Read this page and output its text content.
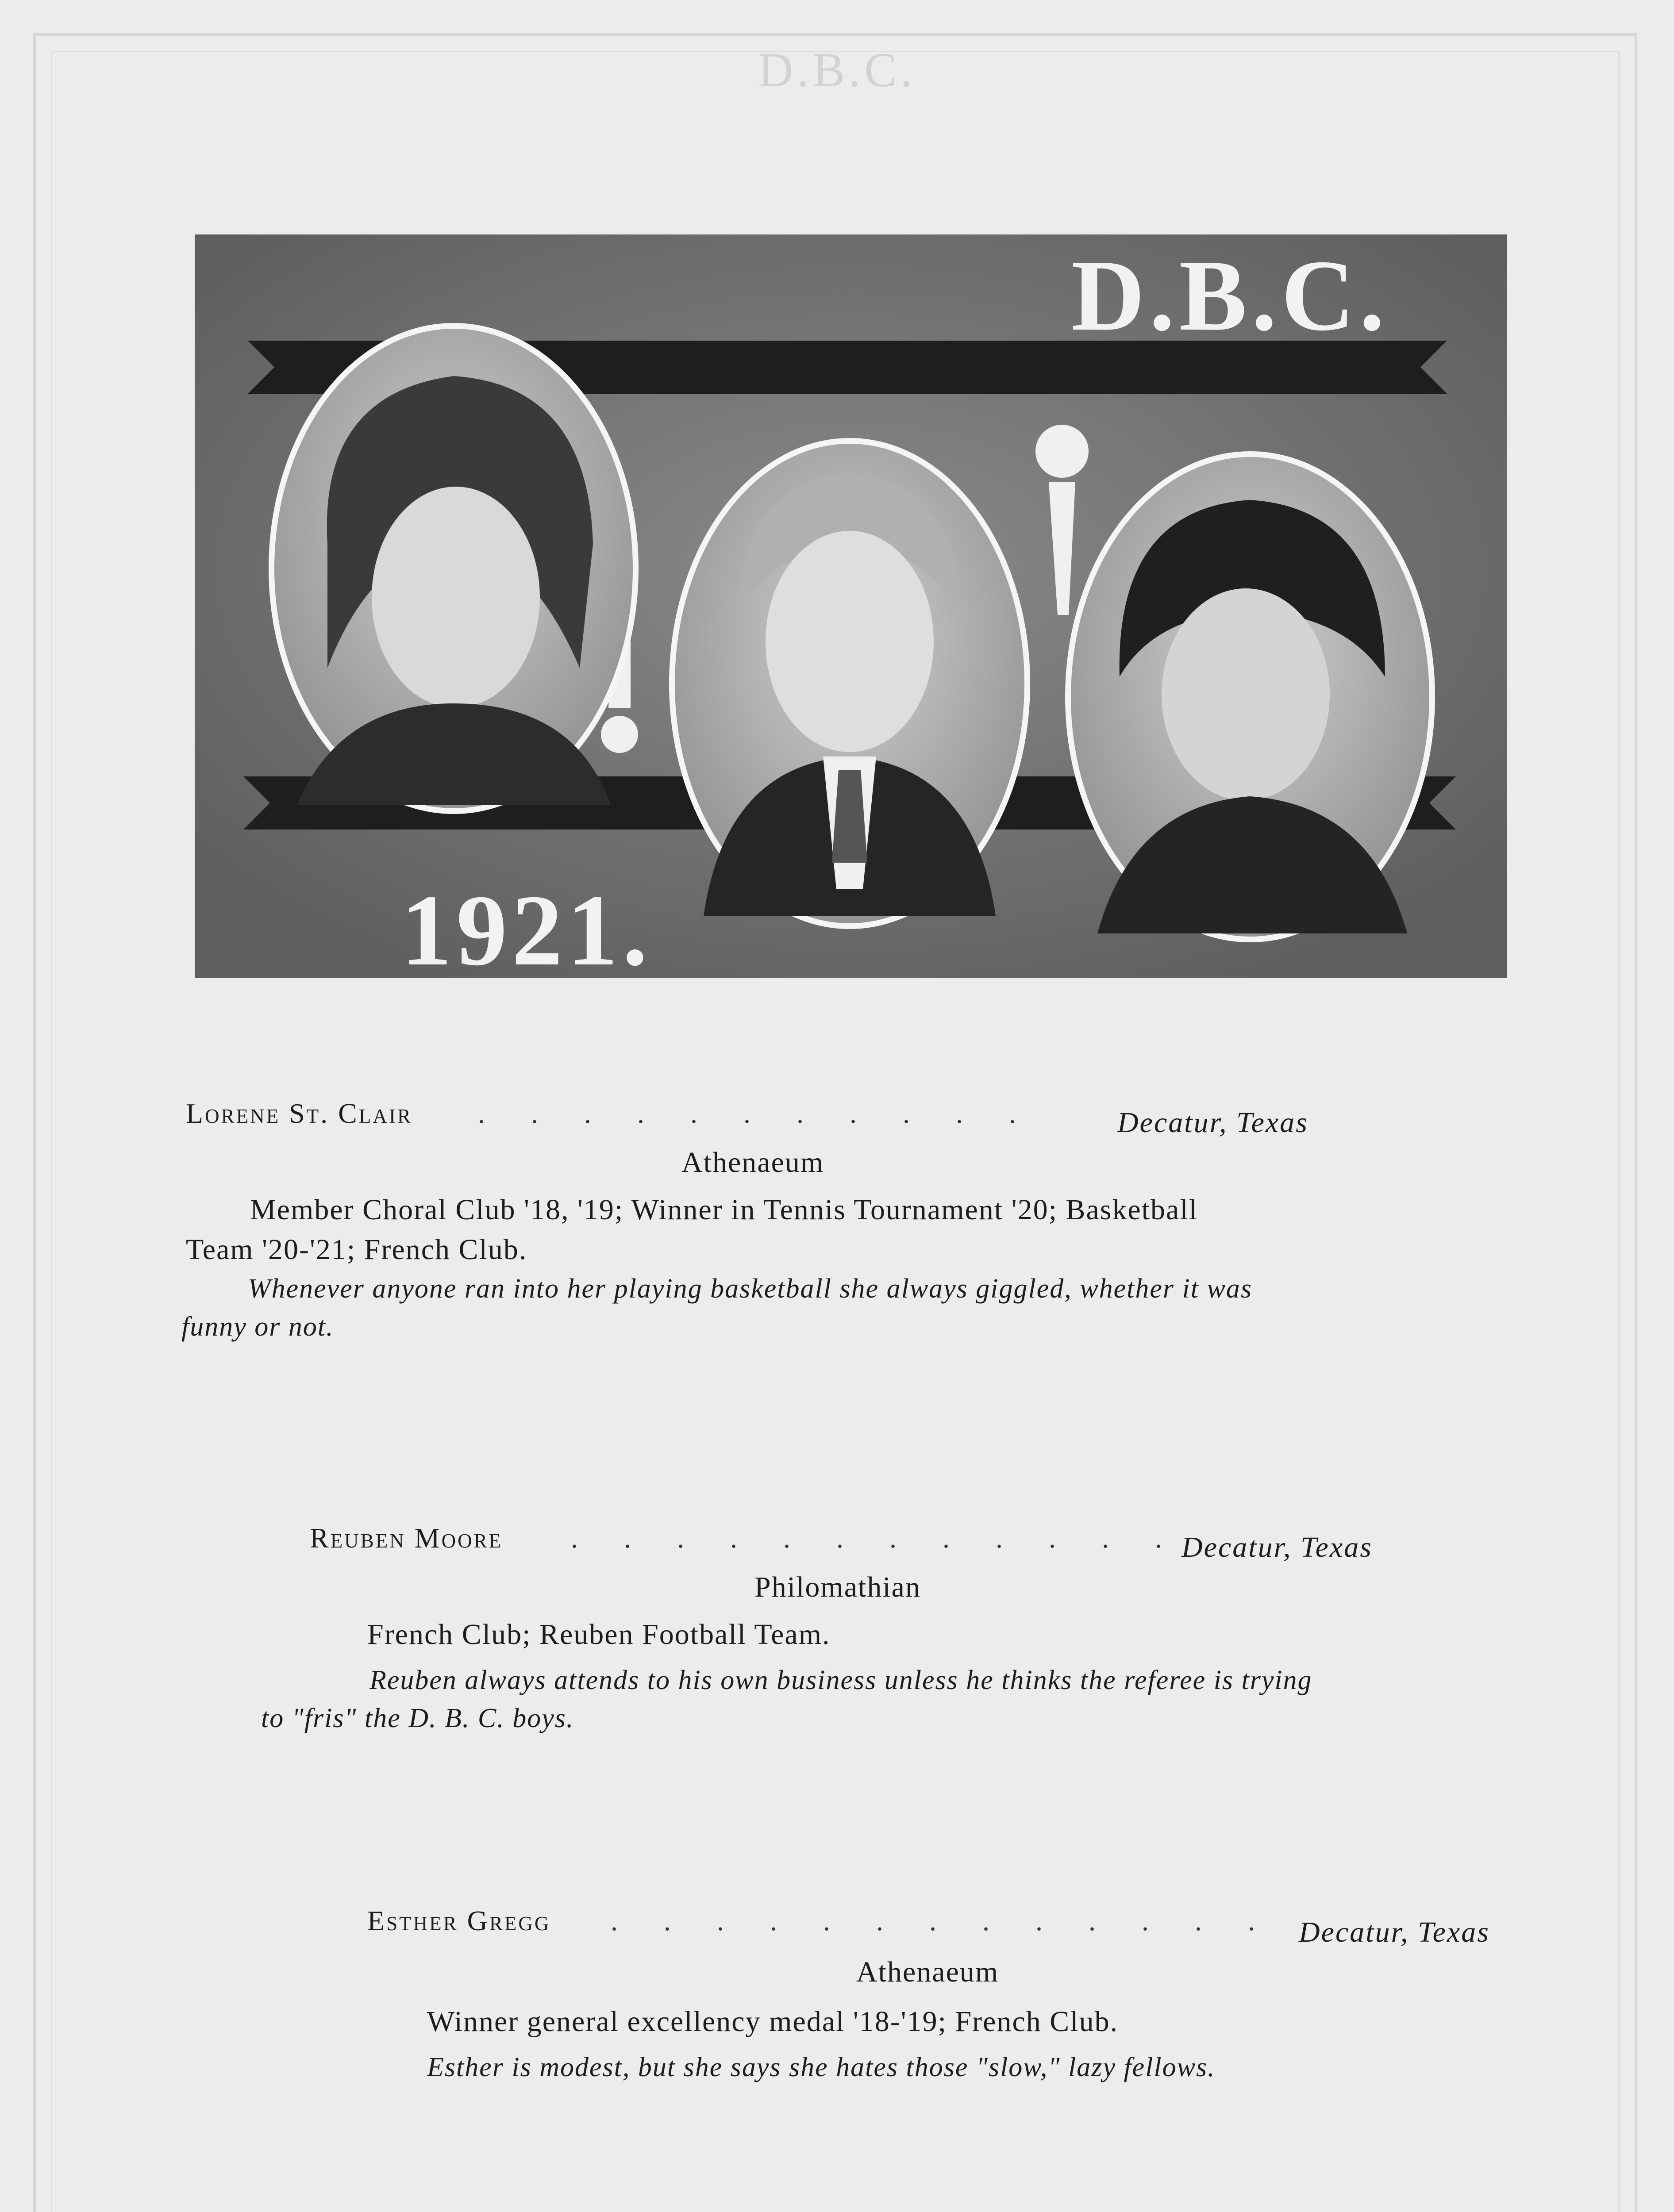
D.B.C.
D.B.C.
1921.
Lorene St. Clair . . . . . . . . . . .	Decatur, Texas
Athenaeum
Member Choral Club '18, '19; Winner in Tennis Tournament '20; Basketball
Team '20-'21; French Club.
Whenever anyone ran into her playing basketball she always giggled, whether it was
funny or not.
Reuben Moore . . . . . . . . . . . . Decatur, Texas
Philomathian
French Club; Reuben Football Team.
Reuben always attends to his own business unless he thinks the referee is trying
to "fris" the D. B. C. boys.
Esther Gregg . . . . . . . . . . . . . .
Decatur, Texas
Athenaeum
Winner general excellency medal '18-'19; French Club.
Esther is modest, but she says she hates those "slow," lazy fellows.
